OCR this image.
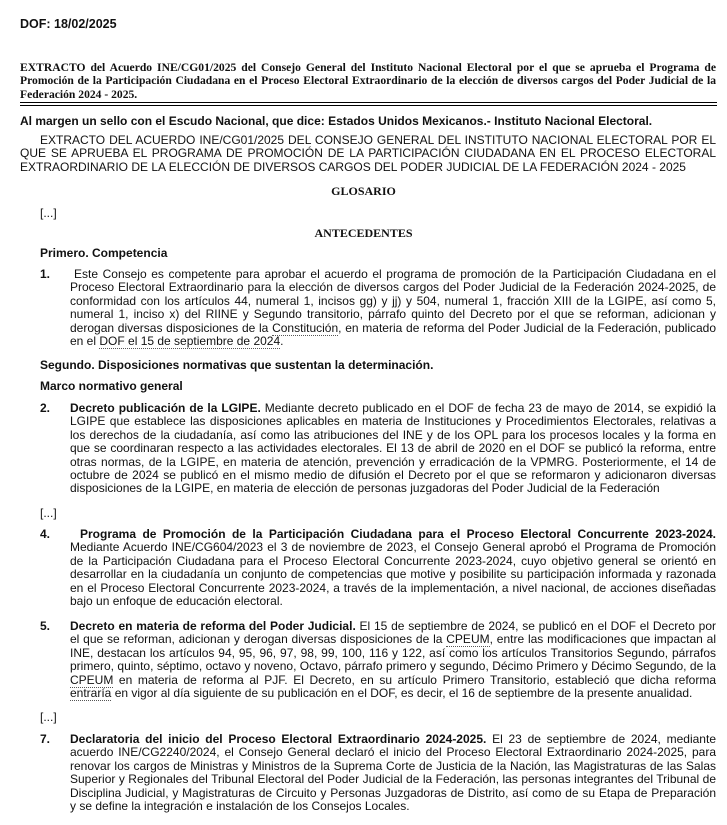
DOF: 18/02/2025
EXTRACTO del Acuerdo INE/CG01/2025 del Consejo General del Instituto Nacional Electoral por el que se aprueba el Programa de Promoción de la Participación Ciudadana en el Proceso Electoral Extraordinario de la elección de diversos cargos del Poder Judicial de la Federación 2024 - 2025.
Al margen un sello con el Escudo Nacional, que dice: Estados Unidos Mexicanos.- Instituto Nacional Electoral.
EXTRACTO DEL ACUERDO INE/CG01/2025 DEL CONSEJO GENERAL DEL INSTITUTO NACIONAL ELECTORAL POR EL QUE SE APRUEBA EL PROGRAMA DE PROMOCIÓN DE LA PARTICIPACIÓN CIUDADANA EN EL PROCESO ELECTORAL EXTRAORDINARIO DE LA ELECCIÓN DE DIVERSOS CARGOS DEL PODER JUDICIAL DE LA FEDERACIÓN 2024 - 2025
GLOSARIO
[...]
ANTECEDENTES
Primero. Competencia
1.	Este Consejo es competente para aprobar el acuerdo el programa de promoción de la Participación Ciudadana en el Proceso Electoral Extraordinario para la elección de diversos cargos del Poder Judicial de la Federación 2024-2025, de conformidad con los artículos 44, numeral 1, incisos gg) y jj) y 504, numeral 1, fracción XIII de la LGIPE, así como 5, numeral 1, inciso x) del RIINE y Segundo transitorio, párrafo quinto del Decreto por el que se reforman, adicionan y derogan diversas disposiciones de la Constitución, en materia de reforma del Poder Judicial de la Federación, publicado en el DOF el 15 de septiembre de 2024.
Segundo. Disposiciones normativas que sustentan la determinación.
Marco normativo general
2. Decreto publicación de la LGIPE. Mediante decreto publicado en el DOF de fecha 23 de mayo de 2014, se expidió la LGIPE que establece las disposiciones aplicables en materia de Instituciones y Procedimientos Electorales, relativas a los derechos de la ciudadanía, así como las atribuciones del INE y de los OPL para los procesos locales y la forma en que se coordinaran respecto a las actividades electorales. El 13 de abril de 2020 en el DOF se publicó la reforma, entre otras normas, de la LGIPE, en materia de atención, prevención y erradicación de la VPMRG. Posteriormente, el 14 de octubre de 2024 se publicó en el mismo medio de difusión el Decreto por el que se reformaron y adicionaron diversas disposiciones de la LGIPE, en materia de elección de personas juzgadoras del Poder Judicial de la Federación
[...]
4.	Programa de Promoción de la Participación Ciudadana para el Proceso Electoral Concurrente 2023-2024. Mediante Acuerdo INE/CG604/2023 el 3 de noviembre de 2023, el Consejo General aprobó el Programa de Promoción de la Participación Ciudadana para el Proceso Electoral Concurrente 2023-2024, cuyo objetivo general se orientó en desarrollar en la ciudadanía un conjunto de competencias que motive y posibilite su participación informada y razonada en el Proceso Electoral Concurrente 2023-2024, a través de la implementación, a nivel nacional, de acciones diseñadas bajo un enfoque de educación electoral.
5. Decreto en materia de reforma del Poder Judicial. El 15 de septiembre de 2024, se publicó en el DOF el Decreto por el que se reforman, adicionan y derogan diversas disposiciones de la CPEUM, entre las modificaciones que impactan al INE, destacan los artículos 94, 95, 96, 97, 98, 99, 100, 116 y 122, así como los artículos Transitorios Segundo, párrafos primero, quinto, séptimo, octavo y noveno, Octavo, párrafo primero y segundo, Décimo Primero y Décimo Segundo, de la CPEUM en materia de reforma al PJF. El Decreto, en su artículo Primero Transitorio, estableció que dicha reforma entraría en vigor al día siguiente de su publicación en el DOF, es decir, el 16 de septiembre de la presente anualidad.
[...]
7. Declaratoria del inicio del Proceso Electoral Extraordinario 2024-2025. El 23 de septiembre de 2024, mediante acuerdo INE/CG2240/2024, el Consejo General declaró el inicio del Proceso Electoral Extraordinario 2024-2025, para renovar los cargos de Ministras y Ministros de la Suprema Corte de Justicia de la Nación, las Magistraturas de las Salas Superior y Regionales del Tribunal Electoral del Poder Judicial de la Federación, las personas integrantes del Tribunal de Disciplina Judicial, y Magistraturas de Circuito y Personas Juzgadoras de Distrito, así como de su Etapa de Preparación y se define la integración e instalación de los Consejos Locales.
